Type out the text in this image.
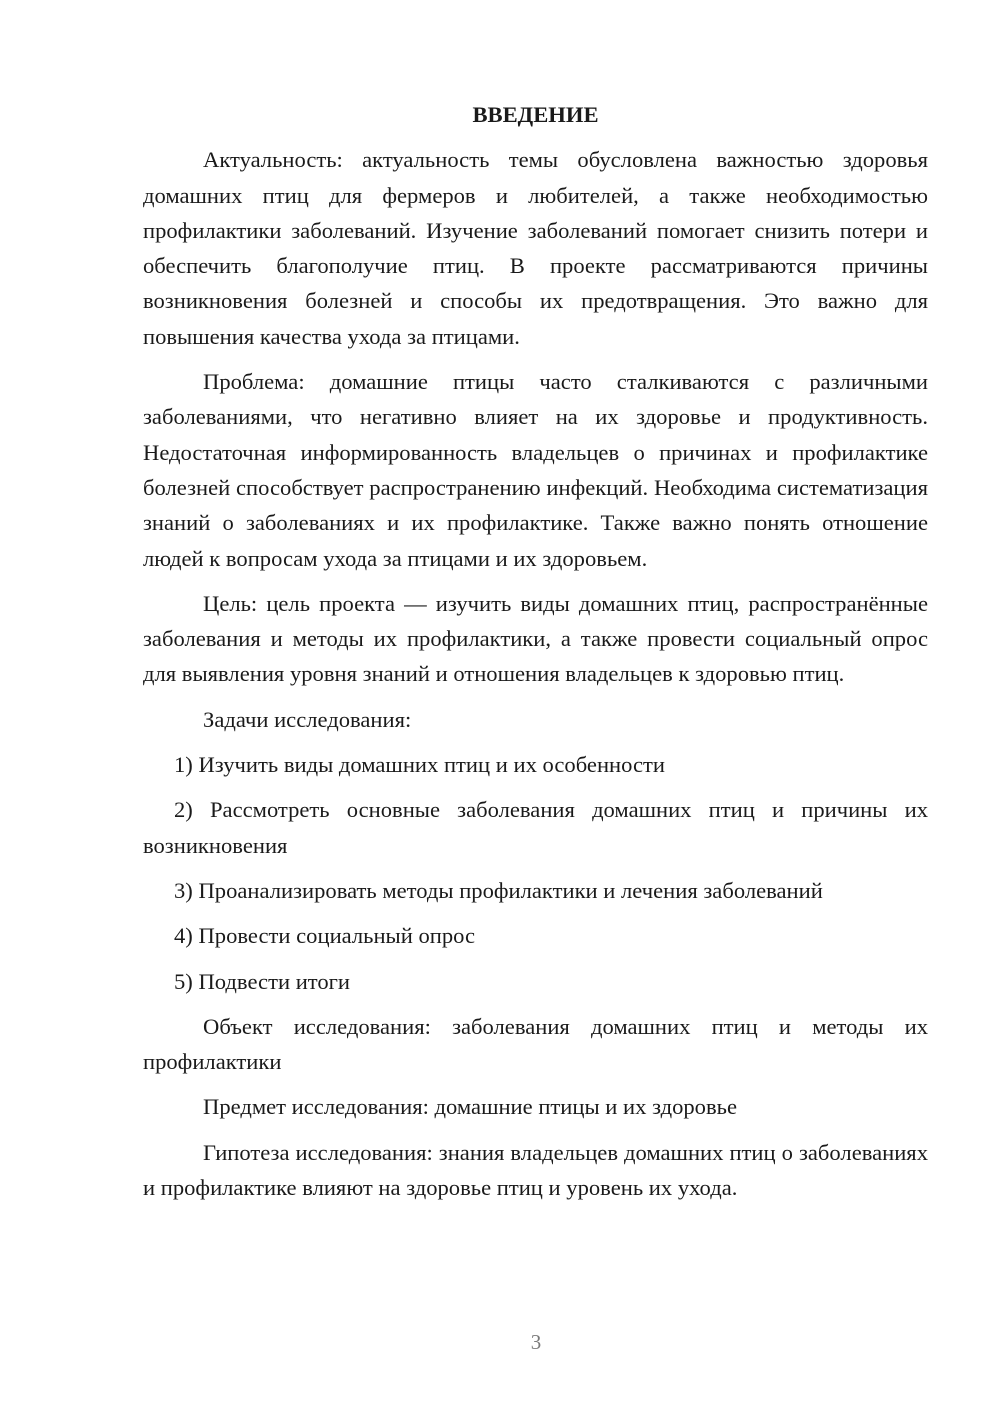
ВВЕДЕНИЕ

Актуальность: актуальность темы обусловлена важностью здоровья домашних птиц для фермеров и любителей, а также необходимостью профилактики заболеваний. Изучение заболеваний помогает снизить потери и обеспечить благополучие птиц. В проекте рассматриваются причины возникновения болезней и способы их предотвращения. Это важно для повышения качества ухода за птицами.

Проблема: домашние птицы часто сталкиваются с различными заболеваниями, что негативно влияет на их здоровье и продуктивность. Недостаточная информированность владельцев о причинах и профилактике болезней способствует распространению инфекций. Необходима систематизация знаний о заболеваниях и их профилактике. Также важно понять отношение людей к вопросам ухода за птицами и их здоровьем.

Цель: цель проекта — изучить виды домашних птиц, распространённые заболевания и методы их профилактики, а также провести социальный опрос для выявления уровня знаний и отношения владельцев к здоровью птиц.

Задачи исследования:

1) Изучить виды домашних птиц и их особенности

2) Рассмотреть основные заболевания домашних птиц и причины их возникновения

3) Проанализировать методы профилактики и лечения заболеваний

4) Провести социальный опрос

5) Подвести итоги

Объект исследования: заболевания домашних птиц и методы их профилактики

Предмет исследования: домашние птицы и их здоровье

Гипотеза исследования: знания владельцев домашних птиц о заболеваниях и профилактике влияют на здоровье птиц и уровень их ухода.

3
